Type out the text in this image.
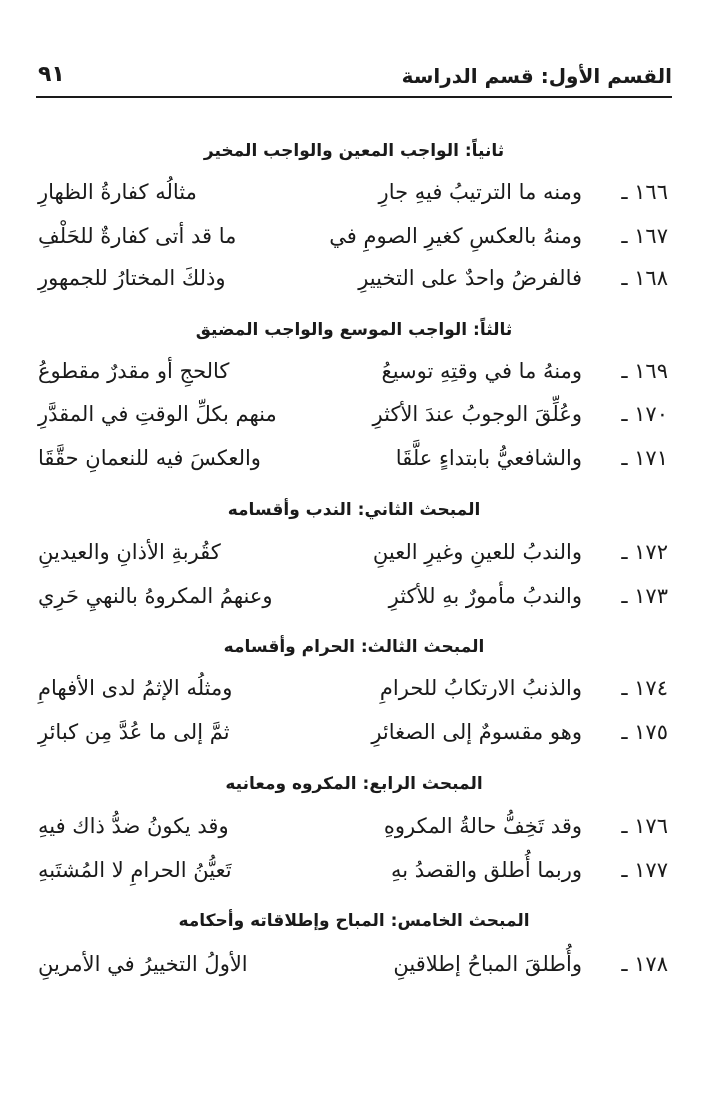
القسم الأول: قسم الدراسة
٩١
ثانياً: الواجب المعين والواجب المخير
١٦٦ ـ
ومنه ما الترتيبُ فيهِ جارِ
مثالُه كفارةُ الظهارِ
١٦٧ ـ
ومنهُ بالعكسِ كغيرِ الصومِ في
ما قد أتى كفارةٌ للحَلْفِ
١٦٨ ـ
فالفرضُ واحدٌ على التخييرِ
وذلكَ المختارُ للجمهورِ
ثالثاً: الواجب الموسع والواجب المضيق
١٦٩ ـ
ومنهُ ما في وقتِهِ توسيعُ
كالحجِ أو مقدرٌ مقطوعُ
١٧٠ ـ
وعُلِّقَ الوجوبُ عندَ الأكثرِ
منهم بكلِّ الوقتِ في المقدَّرِ
١٧١ ـ
والشافعيُّ بابتداءٍ علَّقَا
والعكسَ فيه للنعمانِ حقَّقَا
المبحث الثاني: الندب وأقسامه
١٧٢ ـ
والندبُ للعينِ وغيرِ العينِ
كقُربةِ الأذانِ والعيدينِ
١٧٣ ـ
والندبُ مأمورٌ بهِ للأكثرِ
وعنهمُ المكروهُ بالنهيِ حَرِي
المبحث الثالث: الحرام وأقسامه
١٧٤ ـ
والذنبُ الارتكابُ للحرامِ
ومثلُه الإثمُ لدى الأفهامِ
١٧٥ ـ
وهو مقسومٌ إلى الصغائرِ
ثمَّ إلى ما عُدَّ مِن كبائرِ
المبحث الرابع: المكروه ومعانيه
١٧٦ ـ
وقد تَخِفُّ حالةُ المكروهِ
وقد يكونُ ضدُّ ذاك فيهِ
١٧٧ ـ
وربما أُطلق والقصدُ بهِ
تَعيُّنُ الحرامِ لا المُشتَبهِ
المبحث الخامس: المباح وإطلاقاته وأحكامه
١٧٨ ـ
وأُطلقَ المباحُ إطلاقينِ
الأولُ التخييرُ في الأمرينِ
